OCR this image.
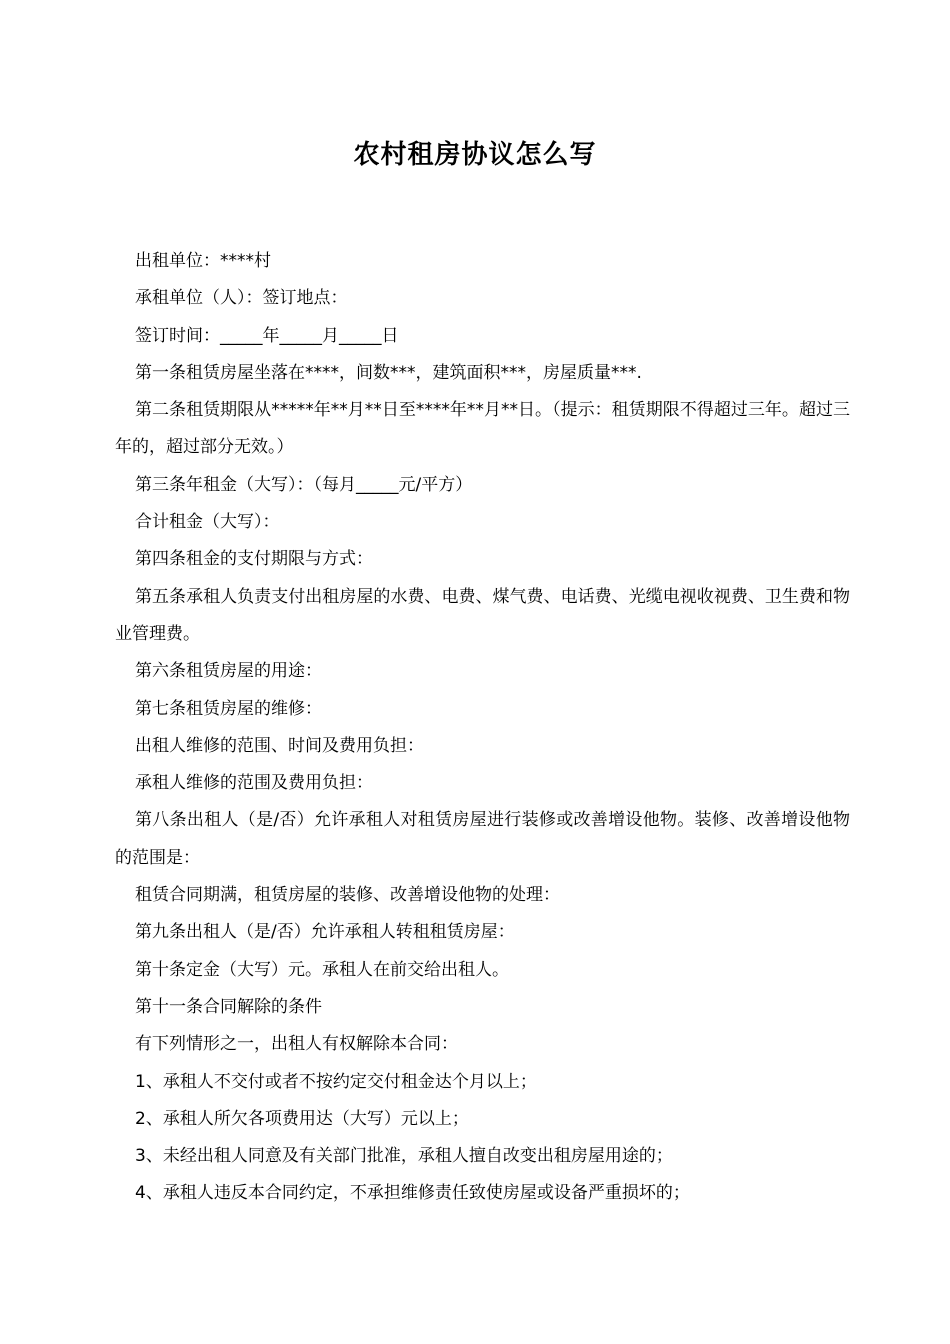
农村租房协议怎么写

出租单位：****村

承租单位（人）：签订地点：

签订时间：_____年_____月_____日

第一条租赁房屋坐落在****，间数***，建筑面积***，房屋质量***.

第二条租赁期限从*****年**月**日至****年**月**日。（提示：租赁期限不得超过三年。超过三年的，超过部分无效。）

第三条年租金（大写）：（每月_____元/平方）

合计租金（大写）：

第四条租金的支付期限与方式：

第五条承租人负责支付出租房屋的水费、电费、煤气费、电话费、光缆电视收视费、卫生费和物业管理费。

第六条租赁房屋的用途：

第七条租赁房屋的维修：

出租人维修的范围、时间及费用负担：

承租人维修的范围及费用负担：

第八条出租人（是/否）允许承租人对租赁房屋进行装修或改善增设他物。装修、改善增设他物的范围是：

租赁合同期满，租赁房屋的装修、改善增设他物的处理：

第九条出租人（是/否）允许承租人转租租赁房屋：

第十条定金（大写）元。承租人在前交给出租人。

第十一条合同解除的条件

有下列情形之一，出租人有权解除本合同：

1、承租人不交付或者不按约定交付租金达个月以上；

2、承租人所欠各项费用达（大写）元以上；

3、未经出租人同意及有关部门批准，承租人擅自改变出租房屋用途的；

4、承租人违反本合同约定，不承担维修责任致使房屋或设备严重损坏的；
